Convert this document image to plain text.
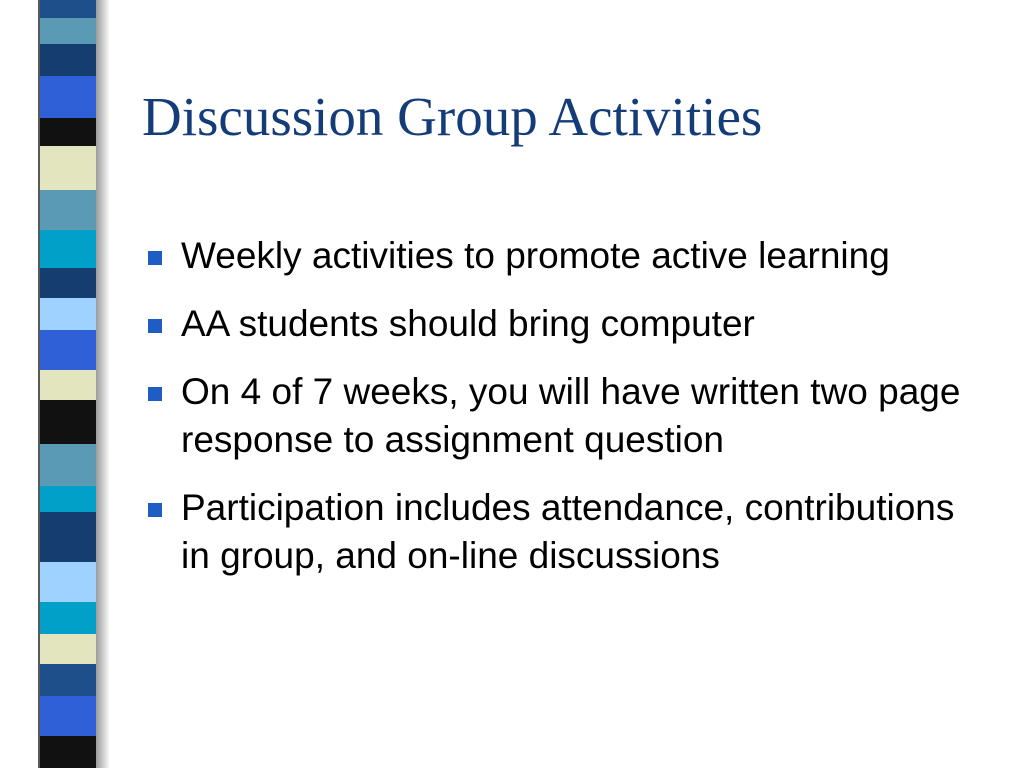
Discussion Group Activities
Weekly activities to promote active learning
AA students should bring computer
On 4 of 7 weeks, you will have written two page response to assignment question
Participation includes attendance, contributions in group, and on-line discussions
